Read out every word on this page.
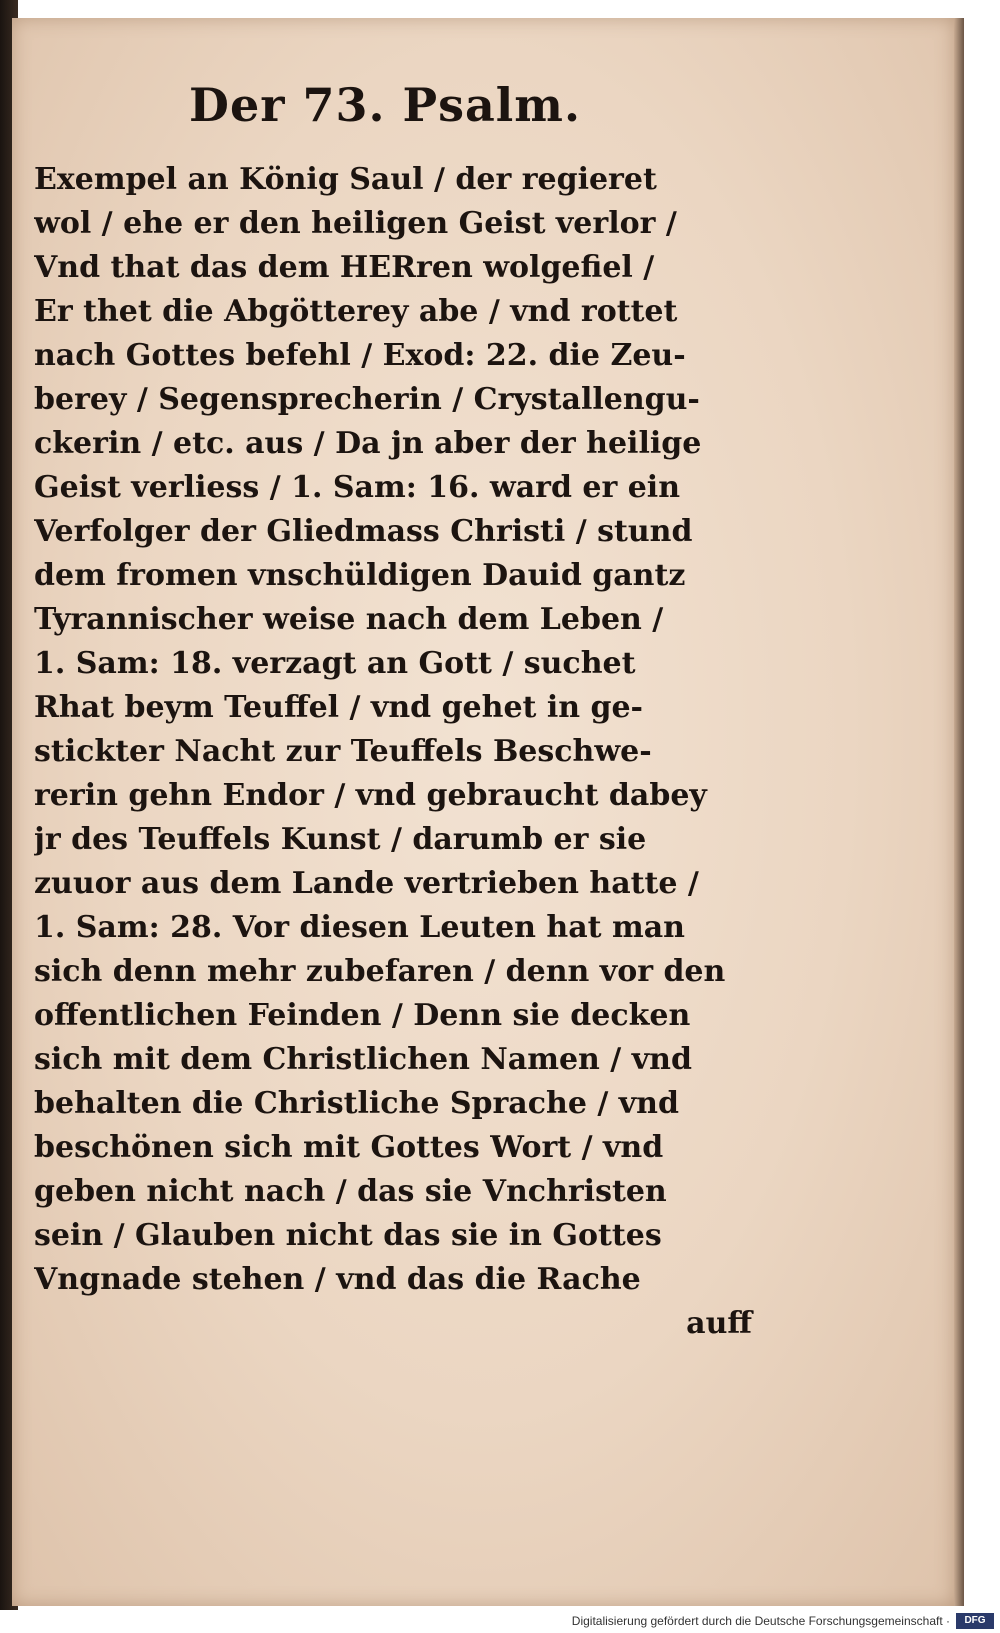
Der 73. Psalm.
Exempel an König Saul / der regieret
wol / ehe er den heiligen Geist verlor /
Vnd that das dem HERren wolgefiel /
Er thet die Abgötterey abe / vnd rottet
nach Gottes befehl / Exod: 22. die Zeu-
berey / Segensprecherin / Crystallengu-
ckerin / etc. aus / Da jn aber der heilige
Geist verliess / 1. Sam: 16. ward er ein
Verfolger der Gliedmass Christi / stund
dem fromen vnschüldigen Dauid gantz
Tyrannischer weise nach dem Leben /
1. Sam: 18. verzagt an Gott / suchet
Rhat beym Teuffel / vnd gehet in ge-
stickter Nacht zur Teuffels Beschwe-
rerin gehn Endor / vnd gebraucht dabey
jr des Teuffels Kunst / darumb er sie
zuuor aus dem Lande vertrieben hatte /
1. Sam: 28. Vor diesen Leuten hat man
sich denn mehr zubefaren / denn vor den
offentlichen Feinden / Denn sie decken
sich mit dem Christlichen Namen / vnd
behalten die Christliche Sprache / vnd
beschönen sich mit Gottes Wort / vnd
geben nicht nach / das sie Vnchristen
sein / Glauben nicht das sie in Gottes
Vngnade stehen / vnd das die Rache
auff
Digitalisierung gefördert durch die Deutsche Forschungsgemeinschaft ·	DFG
